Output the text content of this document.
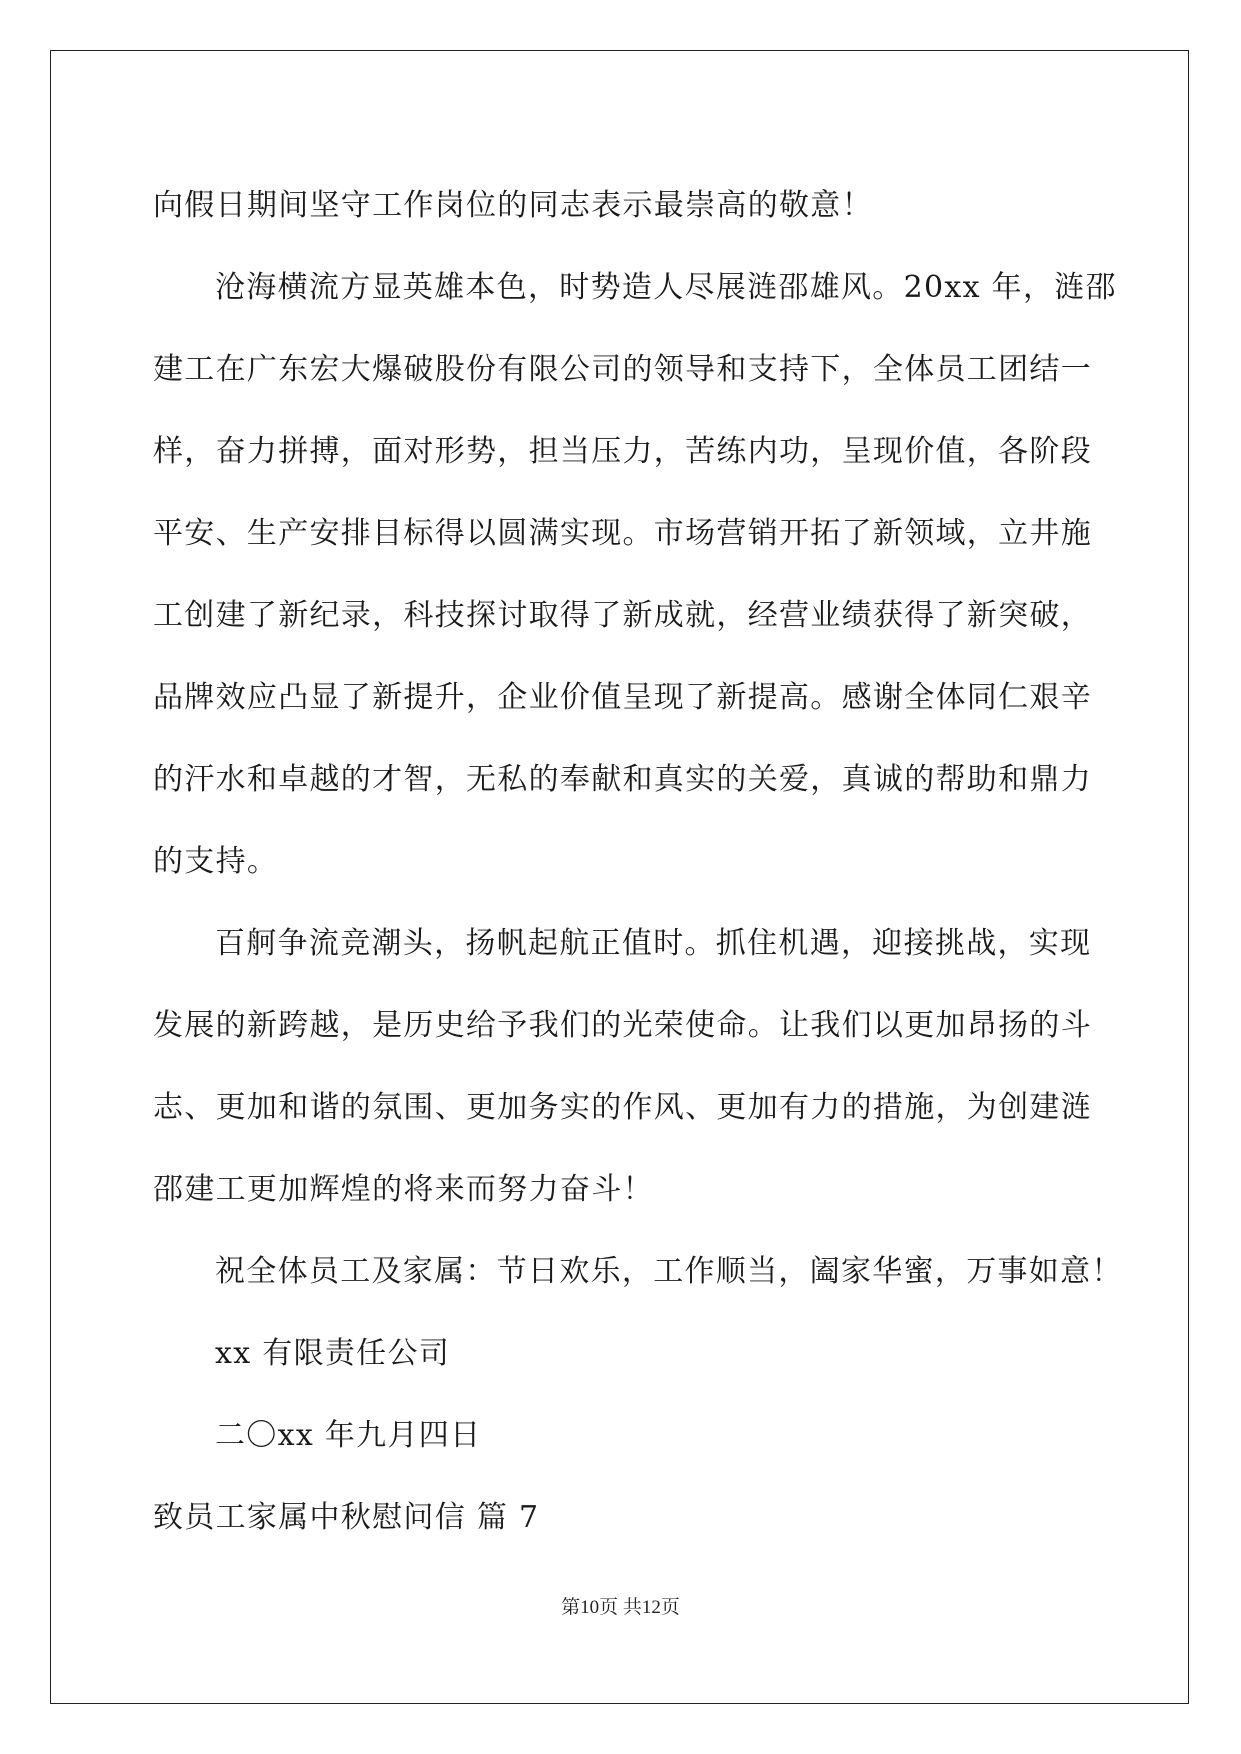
向假日期间坚守工作岗位的同志表示最崇高的敬意！
沧海横流方显英雄本色，时势造人尽展涟邵雄风。20xx 年，涟邵
建工在广东宏大爆破股份有限公司的领导和支持下，全体员工团结一
样，奋力拼搏，面对形势，担当压力，苦练内功，呈现价值，各阶段
平安、生产安排目标得以圆满实现。市场营销开拓了新领域，立井施
工创建了新纪录，科技探讨取得了新成就，经营业绩获得了新突破，
品牌效应凸显了新提升，企业价值呈现了新提高。感谢全体同仁艰辛
的汗水和卓越的才智，无私的奉献和真实的关爱，真诚的帮助和鼎力
的支持。
百舸争流竞潮头，扬帆起航正值时。抓住机遇，迎接挑战，实现
发展的新跨越，是历史给予我们的光荣使命。让我们以更加昂扬的斗
志、更加和谐的氛围、更加务实的作风、更加有力的措施，为创建涟
邵建工更加辉煌的将来而努力奋斗！
祝全体员工及家属：节日欢乐，工作顺当，阖家华蜜，万事如意！
xx 有限责任公司
二〇xx 年九月四日
致员工家属中秋慰问信 篇 7
第10页 共12页
